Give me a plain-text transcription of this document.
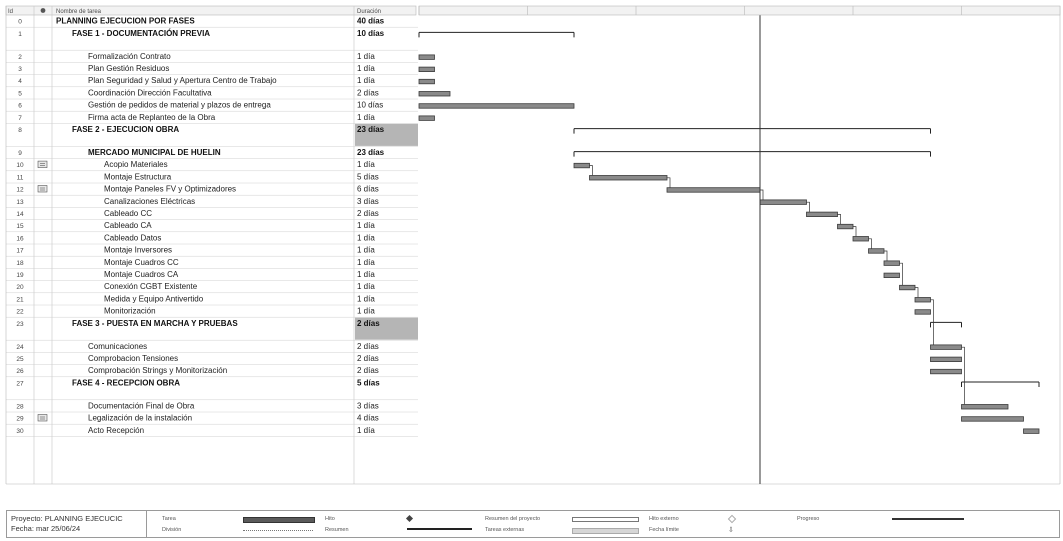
Id	Nombre de tarea	Duración
0	PLANNING EJECUCION POR FASES	40 días
1	FASE 1 - DOCUMENTACIÓN PREVIA	10 días
2	Formalización Contrato	1 día
3	Plan Gestión Residuos	1 día
4	Plan Seguridad y Salud y Apertura Centro de Trabajo	1 día
5	Coordinación Dirección Facultativa	2 días
6	Gestión de pedidos de material y plazos de entrega	10 días
7	Firma acta de Replanteo de la Obra	1 día
8	FASE 2 - EJECUCION OBRA	23 días
9	MERCADO MUNICIPAL DE HUELIN	23 días
10	Acopio Materiales	1 día
11	Montaje Estructura	5 días
12	Montaje Paneles FV y Optimizadores	6 días
13	Canalizaciones Eléctricas	3 días
14	Cableado CC	2 días
15	Cableado CA	1 día
16	Cableado Datos	1 día
17	Montaje Inversores	1 día
18	Montaje Cuadros CC	1 día
19	Montaje Cuadros CA	1 día
20	Conexión CGBT Existente	1 día
21	Medida y Equipo Antivertido	1 día
22	Monitorización	1 día
23	FASE 3 - PUESTA EN MARCHA Y PRUEBAS	2 días
24	Comunicaciones	2 días
25	Comprobacion Tensiones	2 días
26	Comprobación Strings y Monitorización	2 días
27	FASE 4 - RECEPCION OBRA	5 días
28	Documentación Final de Obra	3 días
29	Legalización de la instalación	4 días
30	Acto Recepción	1 día
Proyecto: PLANNING EJECUCIC
Fecha: mar 25/06/24
Tarea
División
Hito
Resumen
Resumen del proyecto
Tareas externas
Hito externo
Fecha límite	⇩
Progreso
